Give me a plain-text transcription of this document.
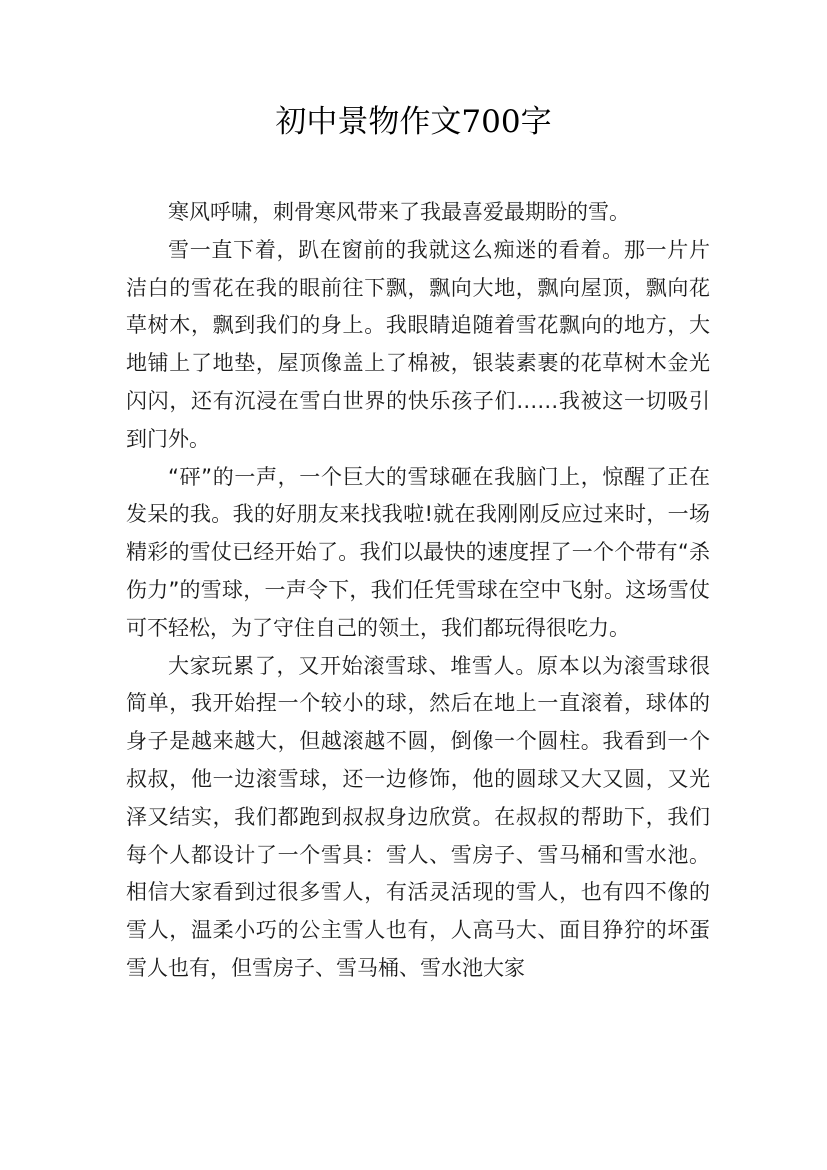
初中景物作文700字

寒风呼啸，刺骨寒风带来了我最喜爱最期盼的雪。

雪一直下着，趴在窗前的我就这么痴迷的看着。那一片片洁白的雪花在我的眼前往下飘，飘向大地，飘向屋顶，飘向花草树木，飘到我们的身上。我眼睛追随着雪花飘向的地方，大地铺上了地垫，屋顶像盖上了棉被，银装素裹的花草树木金光闪闪，还有沉浸在雪白世界的快乐孩子们……我被这一切吸引到门外。

“砰”的一声，一个巨大的雪球砸在我脑门上，惊醒了正在发呆的我。我的好朋友来找我啦!就在我刚刚反应过来时，一场精彩的雪仗已经开始了。我们以最快的速度捏了一个个带有“杀伤力”的雪球，一声令下，我们任凭雪球在空中飞射。这场雪仗可不轻松，为了守住自己的领土，我们都玩得很吃力。

大家玩累了，又开始滚雪球、堆雪人。原本以为滚雪球很简单，我开始捏一个较小的球，然后在地上一直滚着，球体的身子是越来越大，但越滚越不圆，倒像一个圆柱。我看到一个叔叔，他一边滚雪球，还一边修饰，他的圆球又大又圆，又光泽又结实，我们都跑到叔叔身边欣赏。在叔叔的帮助下，我们每个人都设计了一个雪具：雪人、雪房子、雪马桶和雪水池。相信大家看到过很多雪人，有活灵活现的雪人，也有四不像的雪人，温柔小巧的公主雪人也有，人高马大、面目狰狞的坏蛋雪人也有，但雪房子、雪马桶、雪水池大家
